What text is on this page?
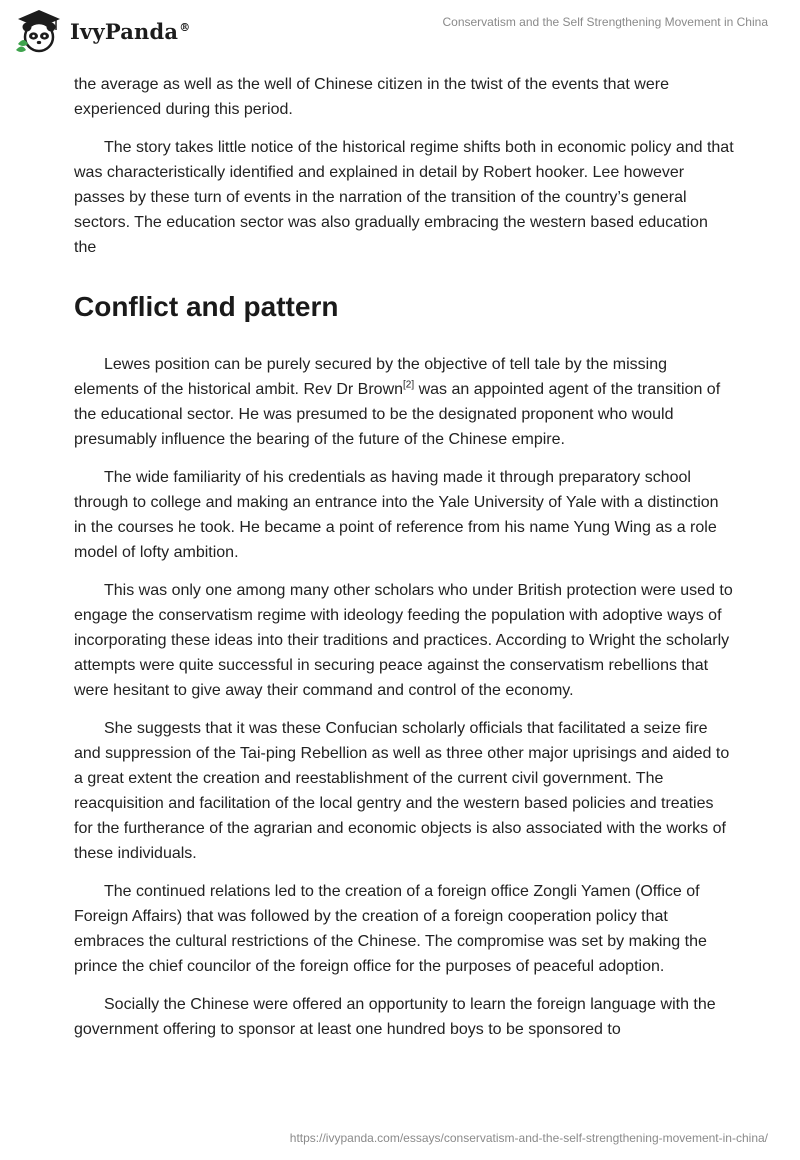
IvyPanda®	Conservatism and the Self Strengthening Movement in China

the average as well as the well of Chinese citizen in the twist of the events that were experienced during this period.

The story takes little notice of the historical regime shifts both in economic policy and that was characteristically identified and explained in detail by Robert hooker. Lee however passes by these turn of events in the narration of the transition of the country’s general sectors. The education sector was also gradually embracing the western based education the

Conflict and pattern

Lewes position can be purely secured by the objective of tell tale by the missing elements of the historical ambit. Rev Dr Brown[2] was an appointed agent of the transition of the educational sector. He was presumed to be the designated proponent who would presumably influence the bearing of the future of the Chinese empire.

The wide familiarity of his credentials as having made it through preparatory school through to college and making an entrance into the Yale University of Yale with a distinction in the courses he took. He became a point of reference from his name Yung Wing as a role model of lofty ambition.

This was only one among many other scholars who under British protection were used to engage the conservatism regime with ideology feeding the population with adoptive ways of incorporating these ideas into their traditions and practices. According to Wright the scholarly attempts were quite successful in securing peace against the conservatism rebellions that were hesitant to give away their command and control of the economy.

She suggests that it was these Confucian scholarly officials that facilitated a seize fire and suppression of the Tai-ping Rebellion as well as three other major uprisings and aided to a great extent the creation and reestablishment of the current civil government. The reacquisition and facilitation of the local gentry and the western based policies and treaties for the furtherance of the agrarian and economic objects is also associated with the works of these individuals.

The continued relations led to the creation of a foreign office Zongli Yamen (Office of Foreign Affairs) that was followed by the creation of a foreign cooperation policy that embraces the cultural restrictions of the Chinese. The compromise was set by making the prince the chief councilor of the foreign office for the purposes of peaceful adoption.

Socially the Chinese were offered an opportunity to learn the foreign language with the government offering to sponsor at least one hundred boys to be sponsored to

https://ivypanda.com/essays/conservatism-and-the-self-strengthening-movement-in-china/
